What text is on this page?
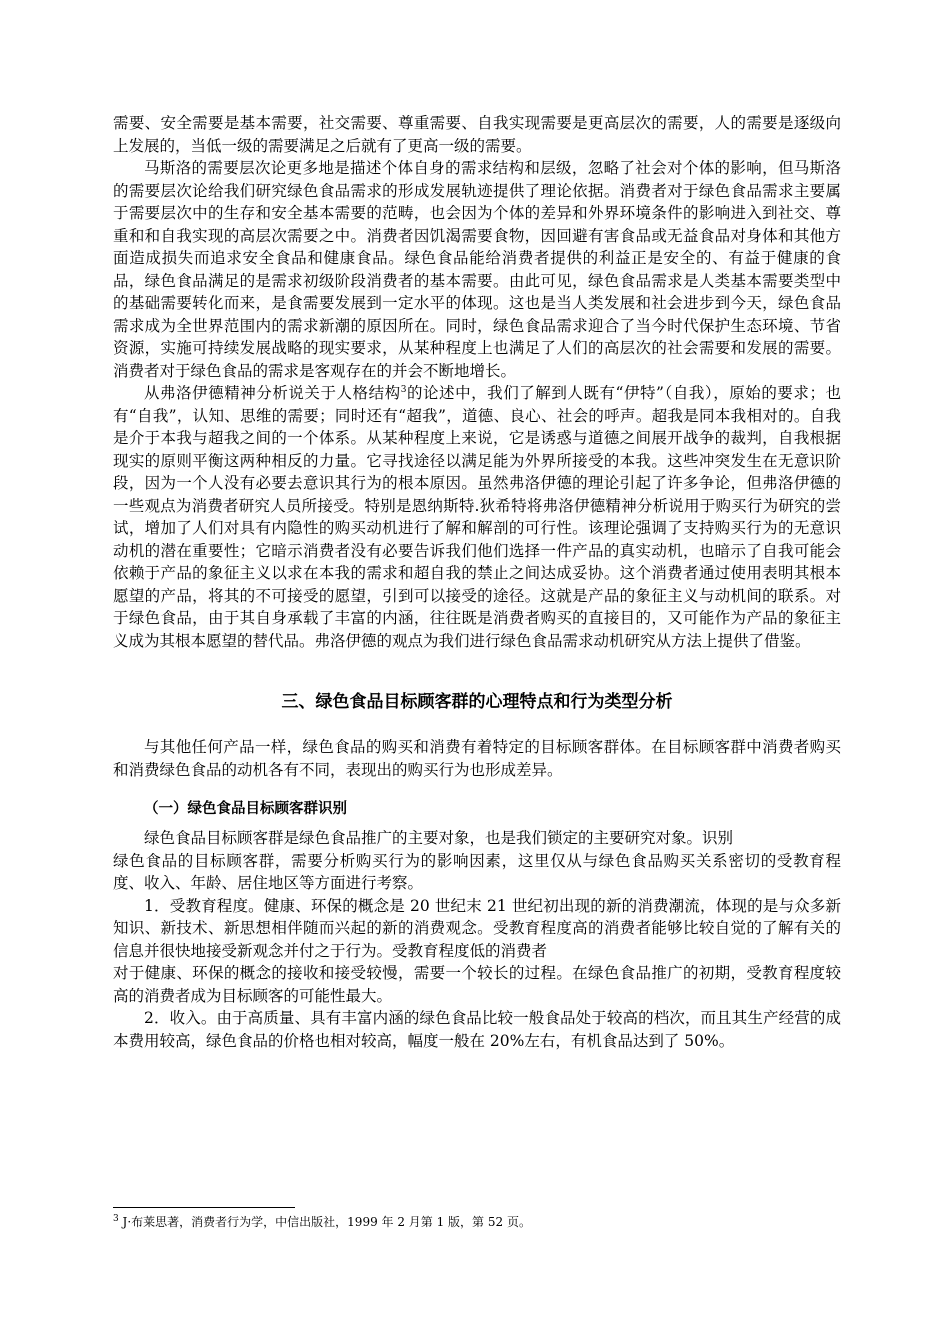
需要、安全需要是基本需要，社交需要、尊重需要、自我实现需要是更高层次的需要，人的需要是逐级向上发展的，当低一级的需要满足之后就有了更高一级的需要。

马斯洛的需要层次论更多地是描述个体自身的需求结构和层级，忽略了社会对个体的影响，但马斯洛的需要层次论给我们研究绿色食品需求的形成发展轨迹提供了理论依据。消费者对于绿色食品需求主要属于需要层次中的生存和安全基本需要的范畴，也会因为个体的差异和外界环境条件的影响进入到社交、尊重和和自我实现的高层次需要之中。消费者因饥渴需要食物，因回避有害食品或无益食品对身体和其他方面造成损失而追求安全食品和健康食品。绿色食品能给消费者提供的利益正是安全的、有益于健康的食品，绿色食品满足的是需求初级阶段消费者的基本需要。由此可见，绿色食品需求是人类基本需要类型中的基础需要转化而来，是食需要发展到一定水平的体现。这也是当人类发展和社会进步到今天，绿色食品需求成为全世界范围内的需求新潮的原因所在。同时，绿色食品需求迎合了当今时代保护生态环境、节省资源，实施可持续发展战略的现实要求，从某种程度上也满足了人们的高层次的社会需要和发展的需要。消费者对于绿色食品的需求是客观存在的并会不断地增长。

从弗洛伊德精神分析说关于人格结构$^3$的论述中，我们了解到人既有“伊特”（自我），原始的要求；也有“自我”，认知、思维的需要；同时还有“超我”，道德、良心、社会的呼声。超我是同本我相对的。自我是介于本我与超我之间的一个体系。从某种程度上来说，它是诱惑与道德之间展开战争的裁判，自我根据现实的原则平衡这两种相反的力量。它寻找途径以满足能为外界所接受的本我。这些冲突发生在无意识阶段，因为一个人没有必要去意识其行为的根本原因。虽然弗洛伊德的理论引起了许多争论，但弗洛伊德的一些观点为消费者研究人员所接受。特别是恩纳斯特.狄希特将弗洛伊德精神分析说用于购买行为研究的尝试，增加了人们对具有内隐性的购买动机进行了解和解剖的可行性。该理论强调了支持购买行为的无意识动机的潜在重要性；它暗示消费者没有必要告诉我们他们选择一件产品的真实动机，也暗示了自我可能会依赖于产品的象征主义以求在本我的需求和超自我的禁止之间达成妥协。这个消费者通过使用表明其根本愿望的产品，将其的不可接受的愿望，引到可以接受的途径。这就是产品的象征主义与动机间的联系。对于绿色食品，由于其自身承载了丰富的内涵，往往既是消费者购买的直接目的，又可能作为产品的象征主义成为其根本愿望的替代品。弗洛伊德的观点为我们进行绿色食品需求动机研究从方法上提供了借鉴。

三、绿色食品目标顾客群的心理特点和行为类型分析

与其他任何产品一样，绿色食品的购买和消费有着特定的目标顾客群体。在目标顾客群中消费者购买和消费绿色食品的动机各有不同，表现出的购买行为也形成差异。

（一）绿色食品目标顾客群识别

绿色食品目标顾客群是绿色食品推广的主要对象，也是我们锁定的主要研究对象。识别

绿色食品的目标顾客群，需要分析购买行为的影响因素，这里仅从与绿色食品购买关系密切的受教育程度、收入、年龄、居住地区等方面进行考察。

1．受教育程度。健康、环保的概念是 20 世纪末 21 世纪初出现的新的消费潮流，体现的是与众多新知识、新技术、新思想相伴随而兴起的新的消费观念。受教育程度高的消费者能够比较自觉的了解有关的信息并很快地接受新观念并付之于行为。受教育程度低的消费者

对于健康、环保的概念的接收和接受较慢，需要一个较长的过程。在绿色食品推广的初期，受教育程度较高的消费者成为目标顾客的可能性最大。

2．收入。由于高质量、具有丰富内涵的绿色食品比较一般食品处于较高的档次，而且其生产经营的成本费用较高，绿色食品的价格也相对较高，幅度一般在 20%左右，有机食品达到了 50%。

$^3$ J·布莱思著，消费者行为学，中信出版社，1999 年 2 月第 1 版，第 52 页。
